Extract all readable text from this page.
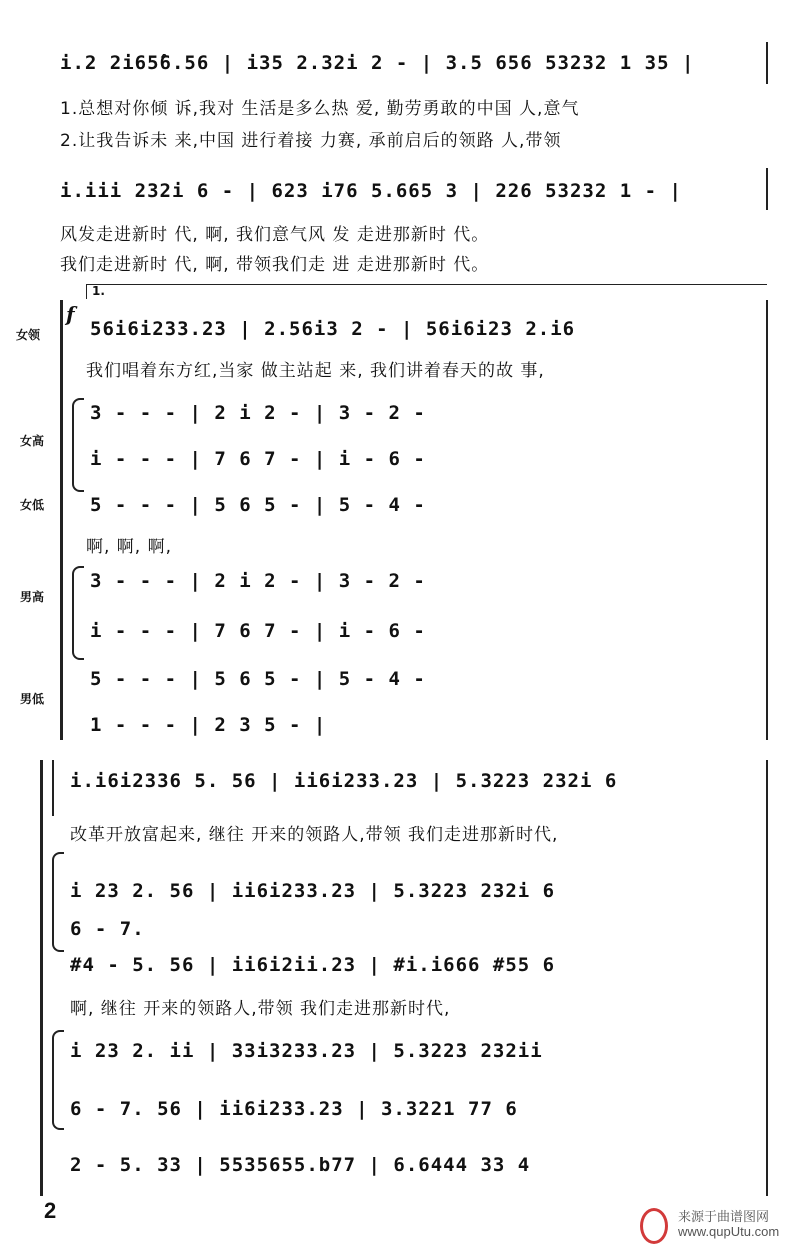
i.2 2i65̂6.56 | i35 2.32i 2 - | 3.5 656 53232 1 35 |
1.总想对你倾 诉,我对 生活是多么热 爱, 勤劳勇敢的中国 人,意气
2.让我告诉未 来,中国 进行着接 力赛, 承前启后的领路 人,带领
i.iii 232i 6 - | 623 i76 5.665 3 | 226 53232 1 - |
风发走进新时 代, 啊, 我们意气风 发 走进那新时 代。
我们走进新时 代, 啊, 带领我们走 进 走进那新时 代。
1.
f
女领	56i6i233.23 | 2.56i3 2 - | 56i6i23 2.i6
我们唱着东方红,当家 做主站起 来, 我们讲着春天的故 事,
女高
3 - - - | 2 i 2 - | 3 - 2 -
i - - - | 7 6 7 - | i - 6 -
女低 5 - - - | 5 6 5 - | 5 - 4 -
啊, 啊, 啊,
男高
3 - - - | 2 i 2 - | 3 - 2 -
i - - - | 7 6 7 - | i - 6 -
男低
5 - - - | 5 6 5 - | 5 - 4 -
1 - - - | 2 3 5 - |
i.i6i2336 5. 56 | ii6i233.23 | 5.3223 232i 6
改革开放富起来, 继往 开来的领路人,带领 我们走进那新时代,
i 23 2. 56 | ii6i233.23 | 5.3223 232i 6
6 - 7.
#4 - 5. 56 | ii6i2ii.23 | #i.i666 #55 6
啊, 继往 开来的领路人,带领 我们走进那新时代,
i 23 2. ii | 33i3233.23 | 5.3223 232ii
6 - 7. 56 | ii6i233.23 | 3.3221 77 6
2 - 5. 33 | 5535655.b77 | 6.6444 33 4
2	来源于曲谱图网
www.qupUtu.com
